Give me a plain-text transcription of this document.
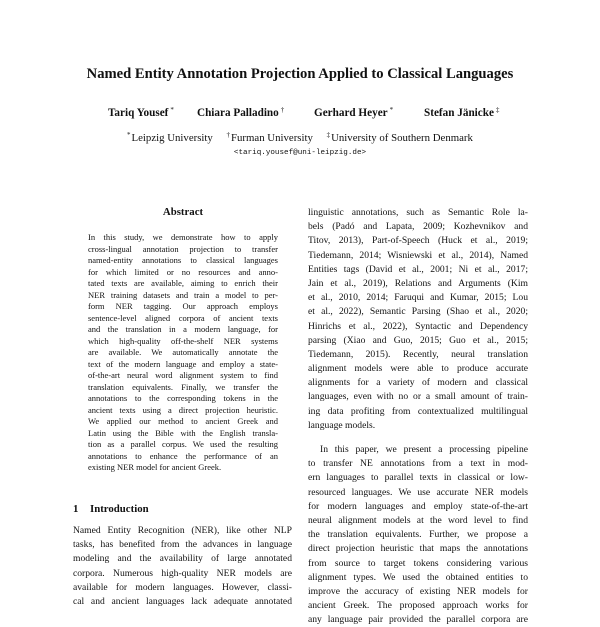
Named Entity Annotation Projection Applied to Classical Languages
Tariq Yousef * Chiara Palladino †	Gerhard Heyer *	Stefan Jänicke ‡
*Leipzig University †Furman University ‡University of Southern Denmark
<tariq.yousef@uni-leipzig.de>
Abstract
In this study, we demonstrate how to apply
cross-lingual annotation projection to transfer
named-entity annotations to classical languages
for which limited or no resources and anno-
tated texts are available, aiming to enrich their
NER training datasets and train a model to per-
form NER tagging. Our approach employs
sentence-level aligned corpora of ancient texts
and the translation in a modern language, for
which high-quality off-the-shelf NER systems
are available. We automatically annotate the
text of the modern language and employ a state-
of-the-art neural word alignment system to find
translation equivalents. Finally, we transfer the
annotations to the corresponding tokens in the
ancient texts using a direct projection heuristic.
We applied our method to ancient Greek and
Latin using the Bible with the English transla-
tion as a parallel corpus. We used the resulting
annotations to enhance the performance of an
existing NER model for ancient Greek.
1 Introduction
Named Entity Recognition (NER), like other NLP
tasks, has benefited from the advances in language
modeling and the availability of large annotated
corpora. Numerous high-quality NER models are
available for modern languages. However, classi-
cal and ancient languages lack adequate annotated
linguistic annotations, such as Semantic Role la-
bels (Padó and Lapata, 2009; Kozhevnikov and
Titov, 2013), Part-of-Speech (Huck et al., 2019;
Tiedemann, 2014; Wisniewski et al., 2014), Named
Entities tags (David et al., 2001; Ni et al., 2017;
Jain et al., 2019), Relations and Arguments (Kim
et al., 2010, 2014; Faruqui and Kumar, 2015; Lou
et al., 2022), Semantic Parsing (Shao et al., 2020;
Hinrichs et al., 2022), Syntactic and Dependency
parsing (Xiao and Guo, 2015; Guo et al., 2015;
Tiedemann, 2015). Recently, neural translation
alignment models were able to produce accurate
alignments for a variety of modern and classical
languages, even with no or a small amount of train-
ing data profiting from contextualized multilingual
language models.
In this paper, we present a processing pipeline
to transfer NE annotations from a text in mod-
ern languages to parallel texts in classical or low-
resourced languages. We use accurate NER models
for modern languages and employ state-of-the-art
neural alignment models at the word level to find
the translation equivalents. Further, we propose a
direct projection heuristic that maps the annotations
from source to target tokens considering various
alignment types. We used the obtained entities to
improve the accuracy of existing NER models for
ancient Greek. The proposed approach works for
any language pair provided the parallel corpora are
